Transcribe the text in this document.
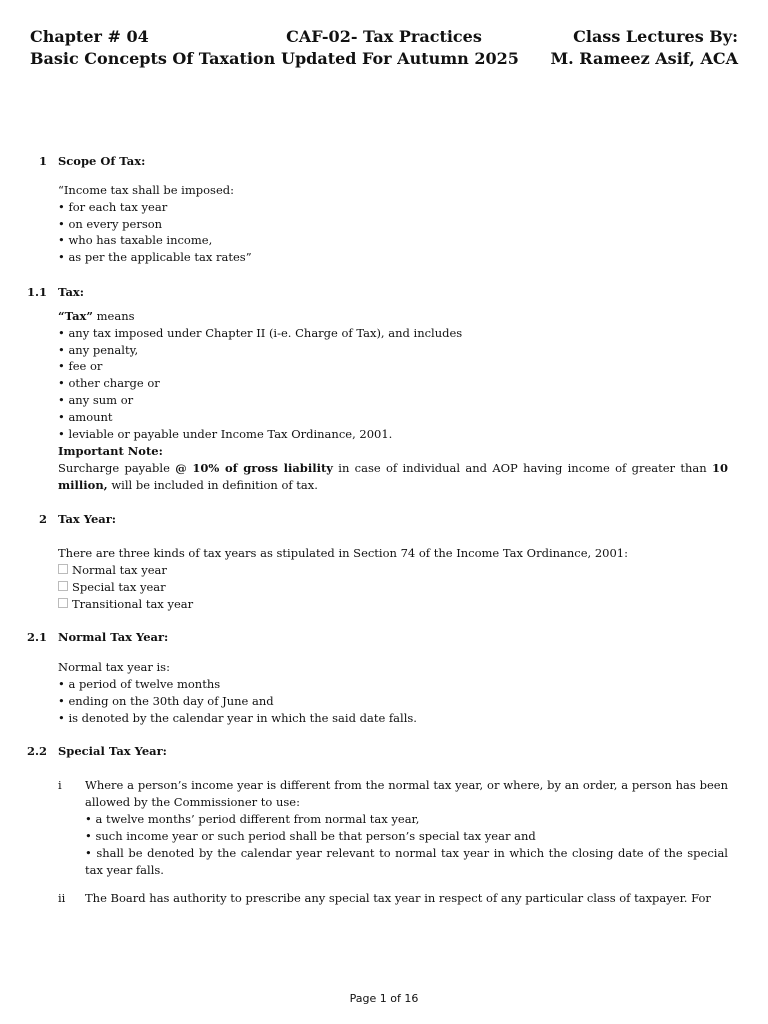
Chapter # 04
Basic Concepts Of Taxation
CAF-02- Tax Practices
Updated For Autumn 2025
Class Lectures By:
M. Rameez Asif, ACA
1 Scope Of Tax:
“Income tax shall be imposed:
• for each tax year
• on every person
• who has taxable income,
• as per the applicable tax rates”
1.1 Tax:
“Tax” means
• any tax imposed under Chapter II (i-e. Charge of Tax), and includes
• any penalty,
• fee or
• other charge or
• any sum or
• amount
• leviable or payable under Income Tax Ordinance, 2001.
Important Note:
Surcharge payable @ 10% of gross liability in case of individual and AOP having income of greater than 10 million, will be included in definition of tax.
2 Tax Year:
There are three kinds of tax years as stipulated in Section 74 of the Income Tax Ordinance, 2001:
Normal tax year
Special tax year
Transitional tax year
2.1 Normal Tax Year:
Normal tax year is:
• a period of twelve months
• ending on the 30th day of June and
• is denoted by the calendar year in which the said date falls.
2.2 Special Tax Year:
i Where a person’s income year is different from the normal tax year, or where, by an order, a person has been allowed by the Commissioner to use:
• a twelve months’ period different from normal tax year,
• such income year or such period shall be that person’s special tax year and
• shall be denoted by the calendar year relevant to normal tax year in which the closing date of the special tax year falls.
ii The Board has authority to prescribe any special tax year in respect of any particular class of taxpayer. For
Page 1 of 16
